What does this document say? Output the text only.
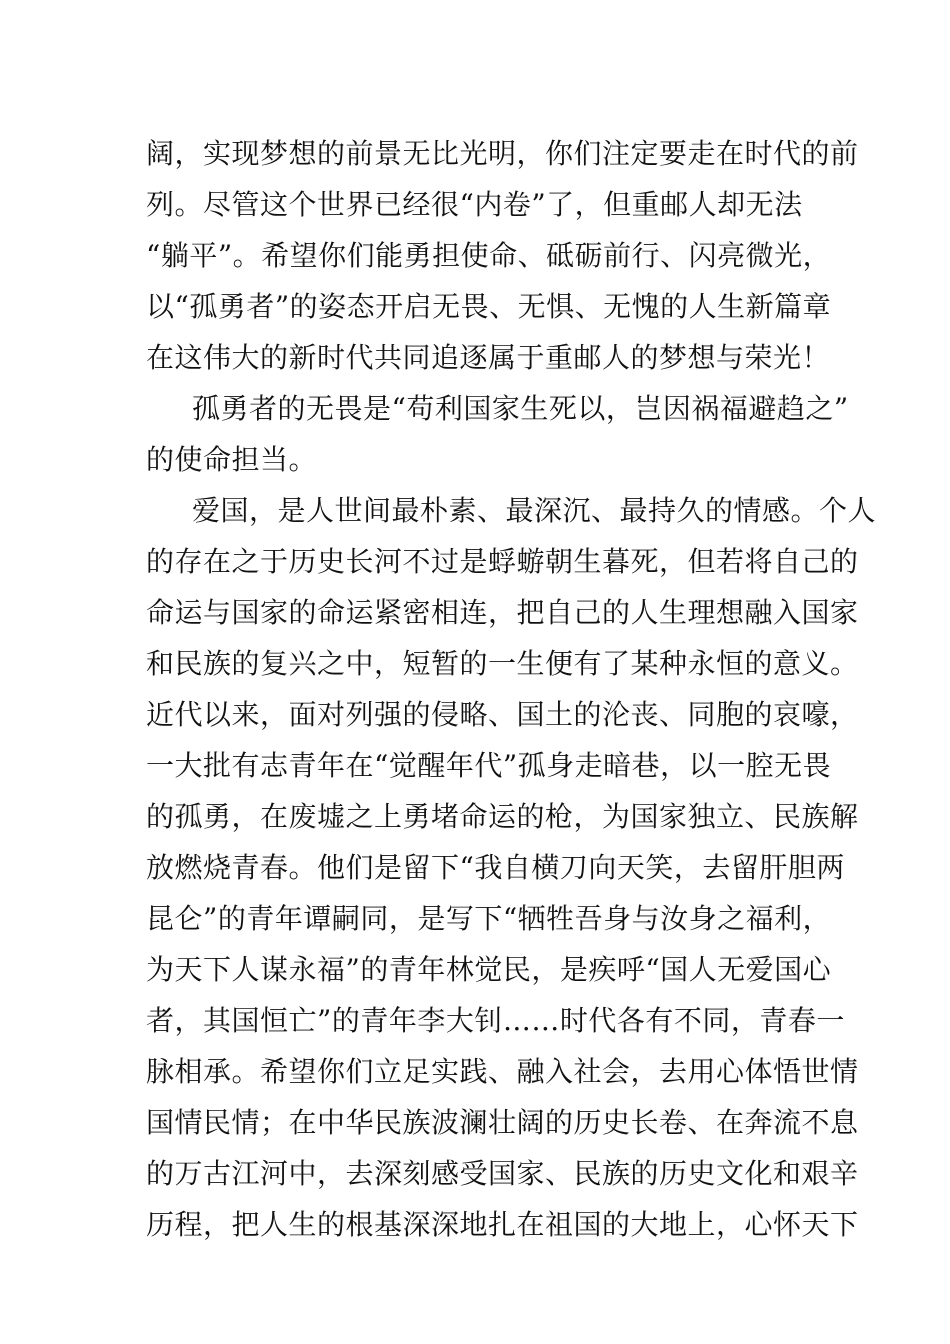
阔，实现梦想的前景无比光明，你们注定要走在时代的前
列。尽管这个世界已经很“内卷”了，但重邮人却无法
“躺平”。希望你们能勇担使命、砥砺前行、闪亮微光，
以“孤勇者”的姿态开启无畏、无惧、无愧的人生新篇章
在这伟大的新时代共同追逐属于重邮人的梦想与荣光！
孤勇者的无畏是“苟利国家生死以，岂因祸福避趋之”
的使命担当。
爱国，是人世间最朴素、最深沉、最持久的情感。个人
的存在之于历史长河不过是蜉蝣朝生暮死，但若将自己的
命运与国家的命运紧密相连，把自己的人生理想融入国家
和民族的复兴之中，短暂的一生便有了某种永恒的意义。
近代以来，面对列强的侵略、国土的沦丧、同胞的哀嚎，
一大批有志青年在“觉醒年代”孤身走暗巷，以一腔无畏
的孤勇，在废墟之上勇堵命运的枪，为国家独立、民族解
放燃烧青春。他们是留下“我自横刀向天笑，去留肝胆两
昆仑”的青年谭嗣同，是写下“牺牲吾身与汝身之福利，
为天下人谋永福”的青年林觉民，是疾呼“国人无爱国心
者，其国恒亡”的青年李大钊……时代各有不同，青春一
脉相承。希望你们立足实践、融入社会，去用心体悟世情
国情民情；在中华民族波澜壮阔的历史长卷、在奔流不息
的万古江河中，去深刻感受国家、民族的历史文化和艰辛
历程，把人生的根基深深地扎在祖国的大地上，心怀天下
